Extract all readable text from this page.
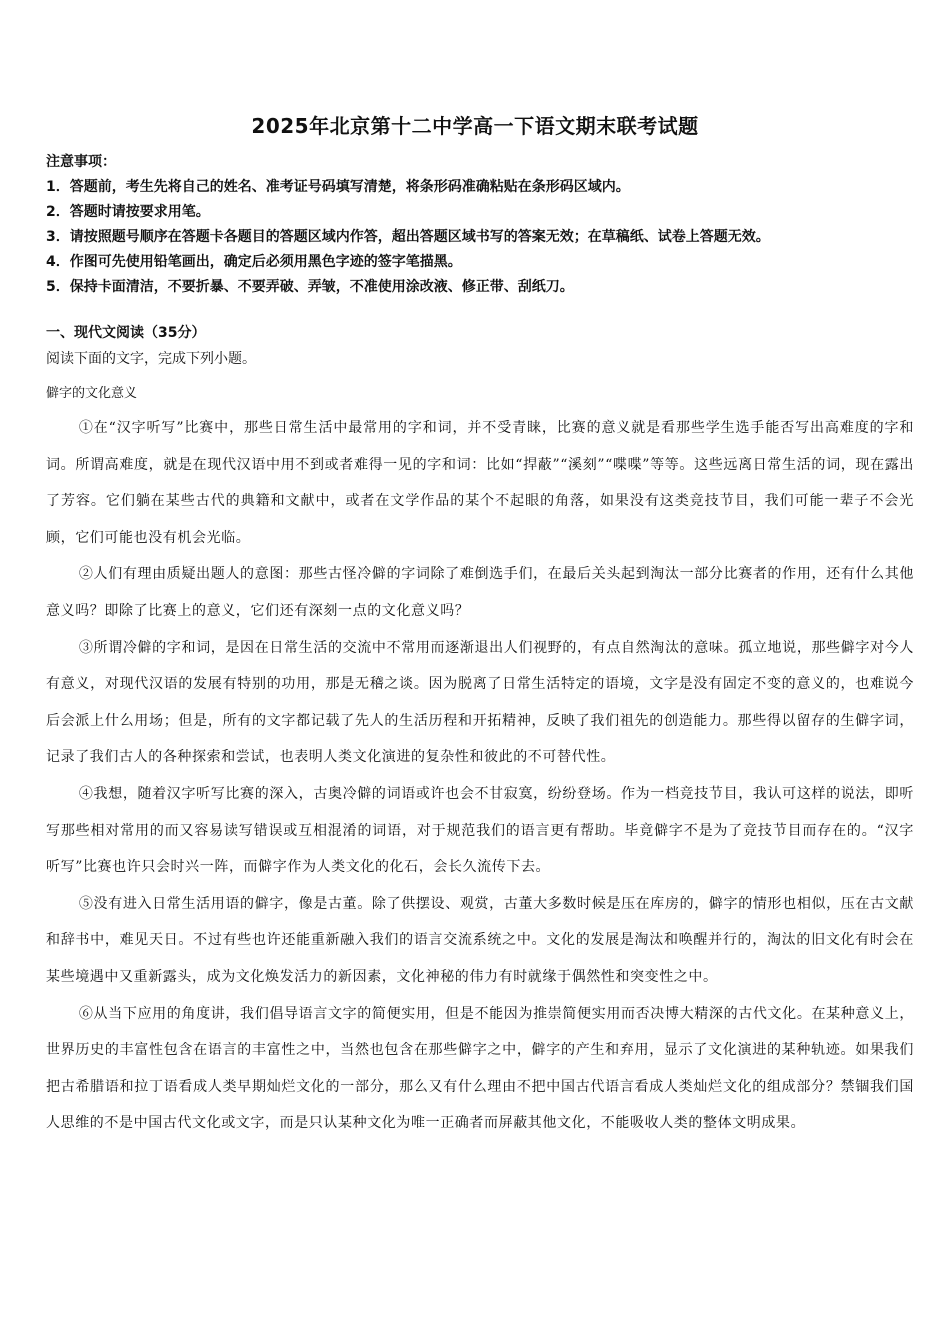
2025年北京第十二中学高一下语文期末联考试题
注意事项：
1．答题前，考生先将自己的姓名、准考证号码填写清楚，将条形码准确粘贴在条形码区域内。
2．答题时请按要求用笔。
3．请按照题号顺序在答题卡各题目的答题区域内作答，超出答题区域书写的答案无效；在草稿纸、试卷上答题无效。
4．作图可先使用铅笔画出，确定后必须用黑色字迹的签字笔描黑。
5．保持卡面清洁，不要折暴、不要弄破、弄皱，不准使用涂改液、修正带、刮纸刀。
一、现代文阅读（35分）
阅读下面的文字，完成下列小题。
僻字的文化意义

①在“汉字听写”比赛中，那些日常生活中最常用的字和词，并不受青睐，比赛的意义就是看那些学生选手能否写出高难度的字和词。所谓高难度，就是在现代汉语中用不到或者难得一见的字和词：比如“捍蔽”“溪刻”“喋喋”等等。这些远离日常生活的词，现在露出了芳容。它们躺在某些古代的典籍和文献中，或者在文学作品的某个不起眼的角落，如果没有这类竞技节目，我们可能一辈子不会光顾，它们可能也没有机会光临。

②人们有理由质疑出题人的意图：那些古怪冷僻的字词除了难倒选手们，在最后关头起到淘汰一部分比赛者的作用，还有什么其他意义吗？即除了比赛上的意义，它们还有深刻一点的文化意义吗？

③所谓冷僻的字和词，是因在日常生活的交流中不常用而逐渐退出人们视野的，有点自然淘汰的意味。孤立地说，那些僻字对今人有意义，对现代汉语的发展有特别的功用，那是无稽之谈。因为脱离了日常生活特定的语境，文字是没有固定不变的意义的，也难说今后会派上什么用场；但是，所有的文字都记载了先人的生活历程和开拓精神，反映了我们祖先的创造能力。那些得以留存的生僻字词，记录了我们古人的各种探索和尝试，也表明人类文化演进的复杂性和彼此的不可替代性。

④我想，随着汉字听写比赛的深入，古奥冷僻的词语或许也会不甘寂寞，纷纷登场。作为一档竞技节目，我认可这样的说法，即听写那些相对常用的而又容易读写错误或互相混淆的词语，对于规范我们的语言更有帮助。毕竟僻字不是为了竞技节目而存在的。“汉字听写”比赛也许只会时兴一阵，而僻字作为人类文化的化石，会长久流传下去。

⑤没有进入日常生活用语的僻字，像是古董。除了供摆设、观赏，古董大多数时候是压在库房的，僻字的情形也相似，压在古文献和辞书中，难见天日。不过有些也许还能重新融入我们的语言交流系统之中。文化的发展是淘汰和唤醒并行的，淘汰的旧文化有时会在某些境遇中又重新露头，成为文化焕发活力的新因素，文化神秘的伟力有时就缘于偶然性和突变性之中。

⑥从当下应用的角度讲，我们倡导语言文字的简便实用，但是不能因为推崇简便实用而否决博大精深的古代文化。在某种意义上，世界历史的丰富性包含在语言的丰富性之中，当然也包含在那些僻字之中，僻字的产生和弃用，显示了文化演进的某种轨迹。如果我们把古希腊语和拉丁语看成人类早期灿烂文化的一部分，那么又有什么理由不把中国古代语言看成人类灿烂文化的组成部分？禁锢我们国人思维的不是中国古代文化或文字，而是只认某种文化为唯一正确者而屏蔽其他文化，不能吸收人类的整体文明成果。
